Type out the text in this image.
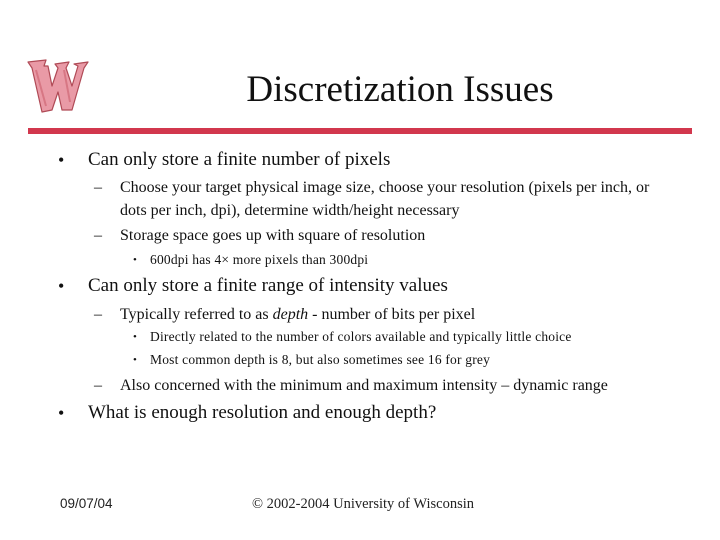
Discretization Issues
• Can only store a finite number of pixels
– Choose your target physical image size, choose your resolution (pixels per inch, or dots per inch, dpi), determine width/height necessary
– Storage space goes up with square of resolution
• 600dpi has 4× more pixels than 300dpi
• Can only store a finite range of intensity values
– Typically referred to as depth - number of bits per pixel
• Directly related to the number of colors available and typically little choice
• Most common depth is 8, but also sometimes see 16 for grey
– Also concerned with the minimum and maximum intensity – dynamic range
• What is enough resolution and enough depth?
09/07/04	© 2002-2004 University of Wisconsin
